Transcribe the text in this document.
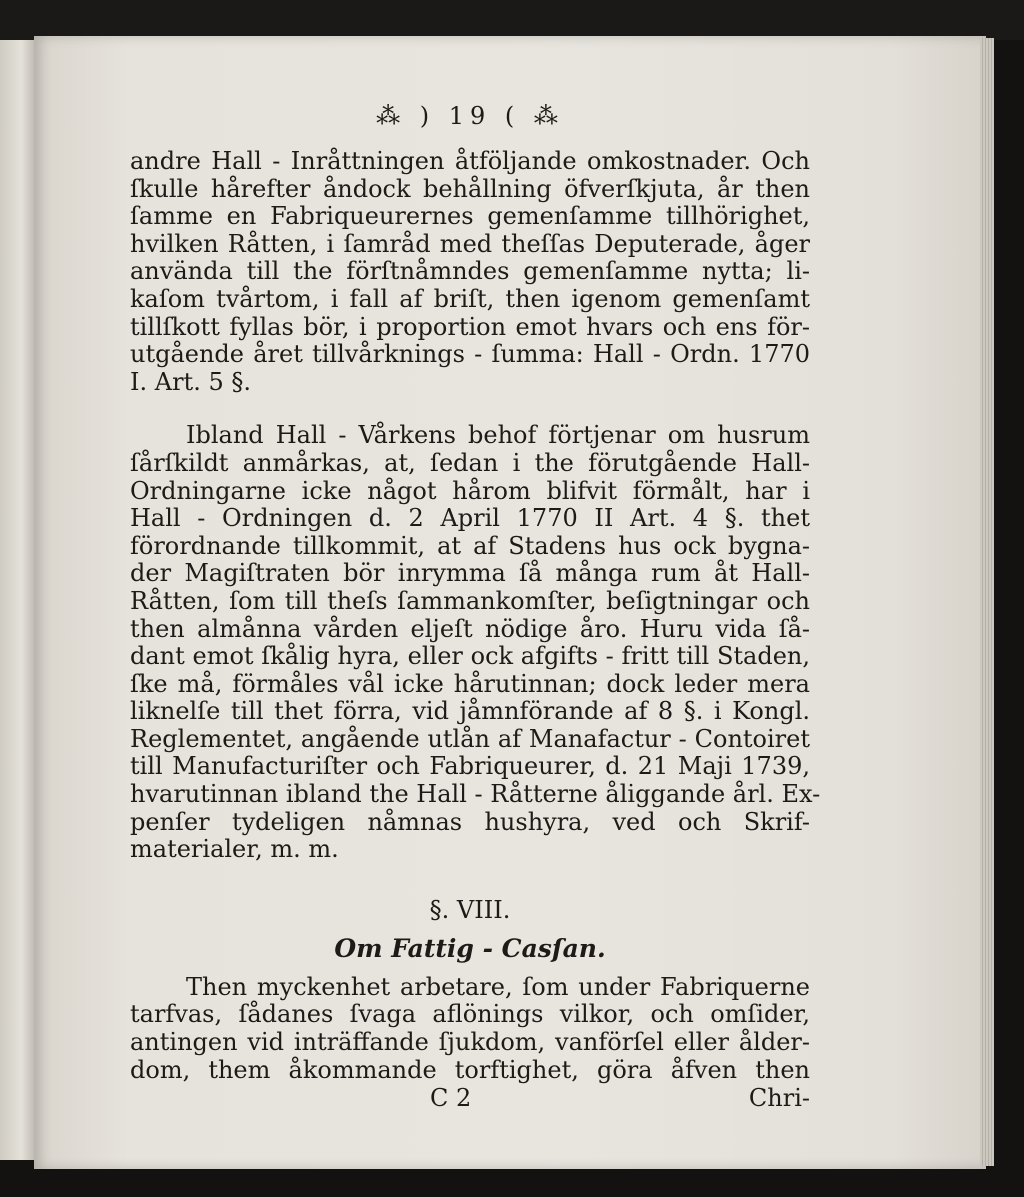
⁂ ) 19 ( ⁂
andre Hall - Inråttningen åtföljande omkostnader. Och
ſkulle hårefter åndock behållning öfverſkjuta, år then
ſamme en Fabriqueurernes gemenſamme tillhörighet,
hvilken Råtten, i ſamråd med theſſas Deputerade, åger
använda till the förſtnåmndes gemenſamme nytta; li-
kaſom tvårtom, i fall af briſt, then igenom gemenſamt
tillſkott fyllas bör, i proportion emot hvars och ens för-
utgående året tillvårknings - ſumma: Hall - Ordn. 1770
I. Art. 5 §.
Ibland Hall - Vårkens behof förtjenar om husrum
ſårſkildt anmårkas, at, ſedan i the förutgående Hall-
Ordningarne icke något hårom blifvit förmålt, har i
Hall - Ordningen d. 2 April 1770 II Art. 4 §. thet
förordnande tillkommit, at af Stadens hus ock bygna-
der Magiſtraten bör inrymma ſå många rum åt Hall-
Råtten, ſom till theſs ſammankomſter, beſigtningar och
then almånna vården eljeſt nödige åro. Huru vida ſå-
dant emot ſkålig hyra, eller ock afgifts - fritt till Staden,
ſke må, förmåles vål icke hårutinnan; dock leder mera
liknelſe till thet förra, vid jåmnförande af 8 §. i Kongl.
Reglementet, angående utlån af Manafactur - Contoiret
till Manufacturiſter och Fabriqueurer, d. 21 Maji 1739,
hvarutinnan ibland the Hall - Råtterne åliggande årl. Ex-
penſer tydeligen nåmnas hushyra, ved och Skrif-
materialer, m. m.
§. VIII.
Om Fattig - Casſan.
Then myckenhet arbetare, ſom under Fabriquerne
tarfvas, ſådanes ſvaga aflönings vilkor, och omſider,
antingen vid inträffande ſjukdom, vanförſel eller ålder-
dom, them åkommande torftighet, göra åfven then
C 2	Chri-
